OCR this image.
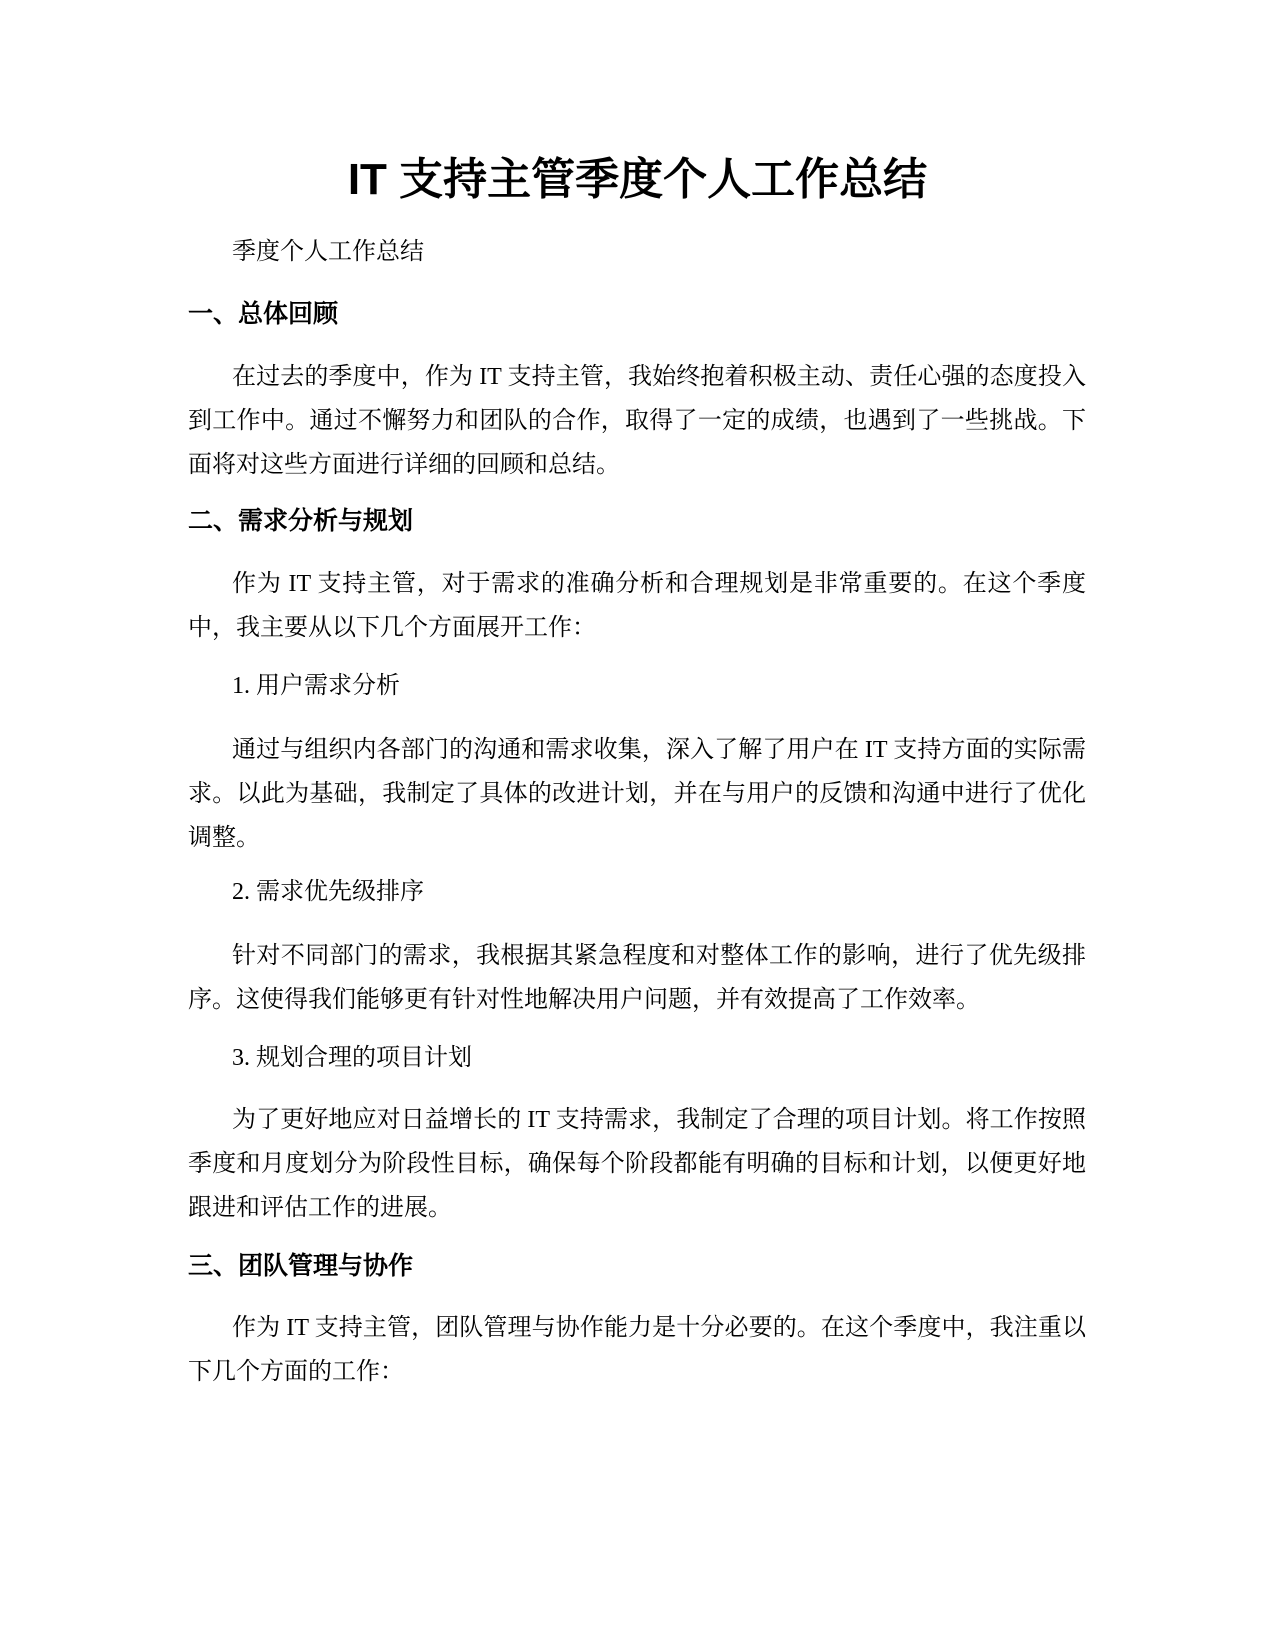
IT 支持主管季度个人工作总结

季度个人工作总结

一、总体回顾

在过去的季度中，作为 IT 支持主管，我始终抱着积极主动、责任心强的态度投入到工作中。通过不懈努力和团队的合作，取得了一定的成绩，也遇到了一些挑战。下面将对这些方面进行详细的回顾和总结。

二、需求分析与规划

作为 IT 支持主管，对于需求的准确分析和合理规划是非常重要的。在这个季度中，我主要从以下几个方面展开工作：

1. 用户需求分析

通过与组织内各部门的沟通和需求收集，深入了解了用户在 IT 支持方面的实际需求。以此为基础，我制定了具体的改进计划，并在与用户的反馈和沟通中进行了优化调整。

2. 需求优先级排序

针对不同部门的需求，我根据其紧急程度和对整体工作的影响，进行了优先级排序。这使得我们能够更有针对性地解决用户问题，并有效提高了工作效率。

3. 规划合理的项目计划

为了更好地应对日益增长的 IT 支持需求，我制定了合理的项目计划。将工作按照季度和月度划分为阶段性目标，确保每个阶段都能有明确的目标和计划，以便更好地跟进和评估工作的进展。

三、团队管理与协作

作为 IT 支持主管，团队管理与协作能力是十分必要的。在这个季度中，我注重以下几个方面的工作：
